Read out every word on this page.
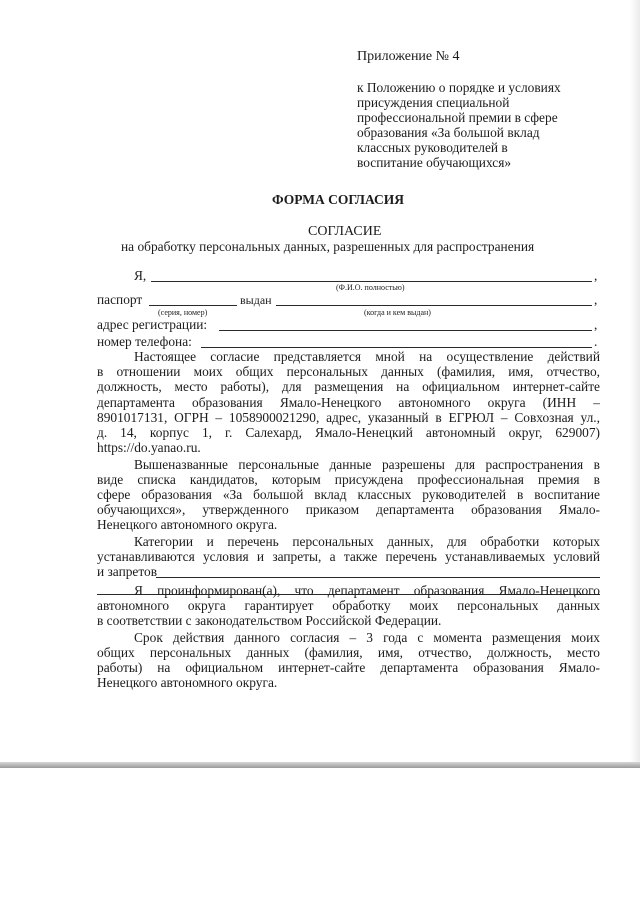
Приложение № 4
к Положению о порядке и условиях
присуждения специальной
профессиональной премии в сфере
образования «За большой вклад
классных руководителей в
воспитание обучающихся»
ФОРМА СОГЛАСИЯ
СОГЛАСИЕ
на обработку персональных данных, разрешенных для распространения
Я,	,
(Ф.И.О. полностью)
паспорт	выдан	,
(серия, номер)	(когда и кем выдан)
адрес регистрации:	,
номер телефона:	.
Настоящее согласие представляется мной на осуществление действий
в отношении моих общих персональных данных (фамилия, имя, отчество,
должность, место работы), для размещения на официальном интернет-сайте
департамента образования Ямало-Ненецкого автономного округа (ИНН –
8901017131, ОГРН – 1058900021290, адрес, указанный в ЕГРЮЛ – Совхозная ул.,
д. 14, корпус 1, г. Салехард, Ямало-Ненецкий автономный округ, 629007)
https://do.yanao.ru.
Вышеназванные персональные данные разрешены для распространения в
виде списка кандидатов, которым присуждена профессиональная премия в
сфере образования «За большой вклад классных руководителей в воспитание
обучающихся», утвержденного приказом департамента образования Ямало-
Ненецкого автономного округа.
Категории и перечень персональных данных, для обработки которых
устанавливаются условия и запреты, а также перечень устанавливаемых условий
и запретов
Я проинформирован(а), что департамент образования Ямало-Ненецкого
автономного округа гарантирует обработку моих персональных данных
в соответствии с законодательством Российской Федерации.
Срок действия данного согласия – 3 года с момента размещения моих
общих персональных данных (фамилия, имя, отчество, должность, место
работы) на официальном интернет-сайте департамента образования Ямало-
Ненецкого автономного округа.
